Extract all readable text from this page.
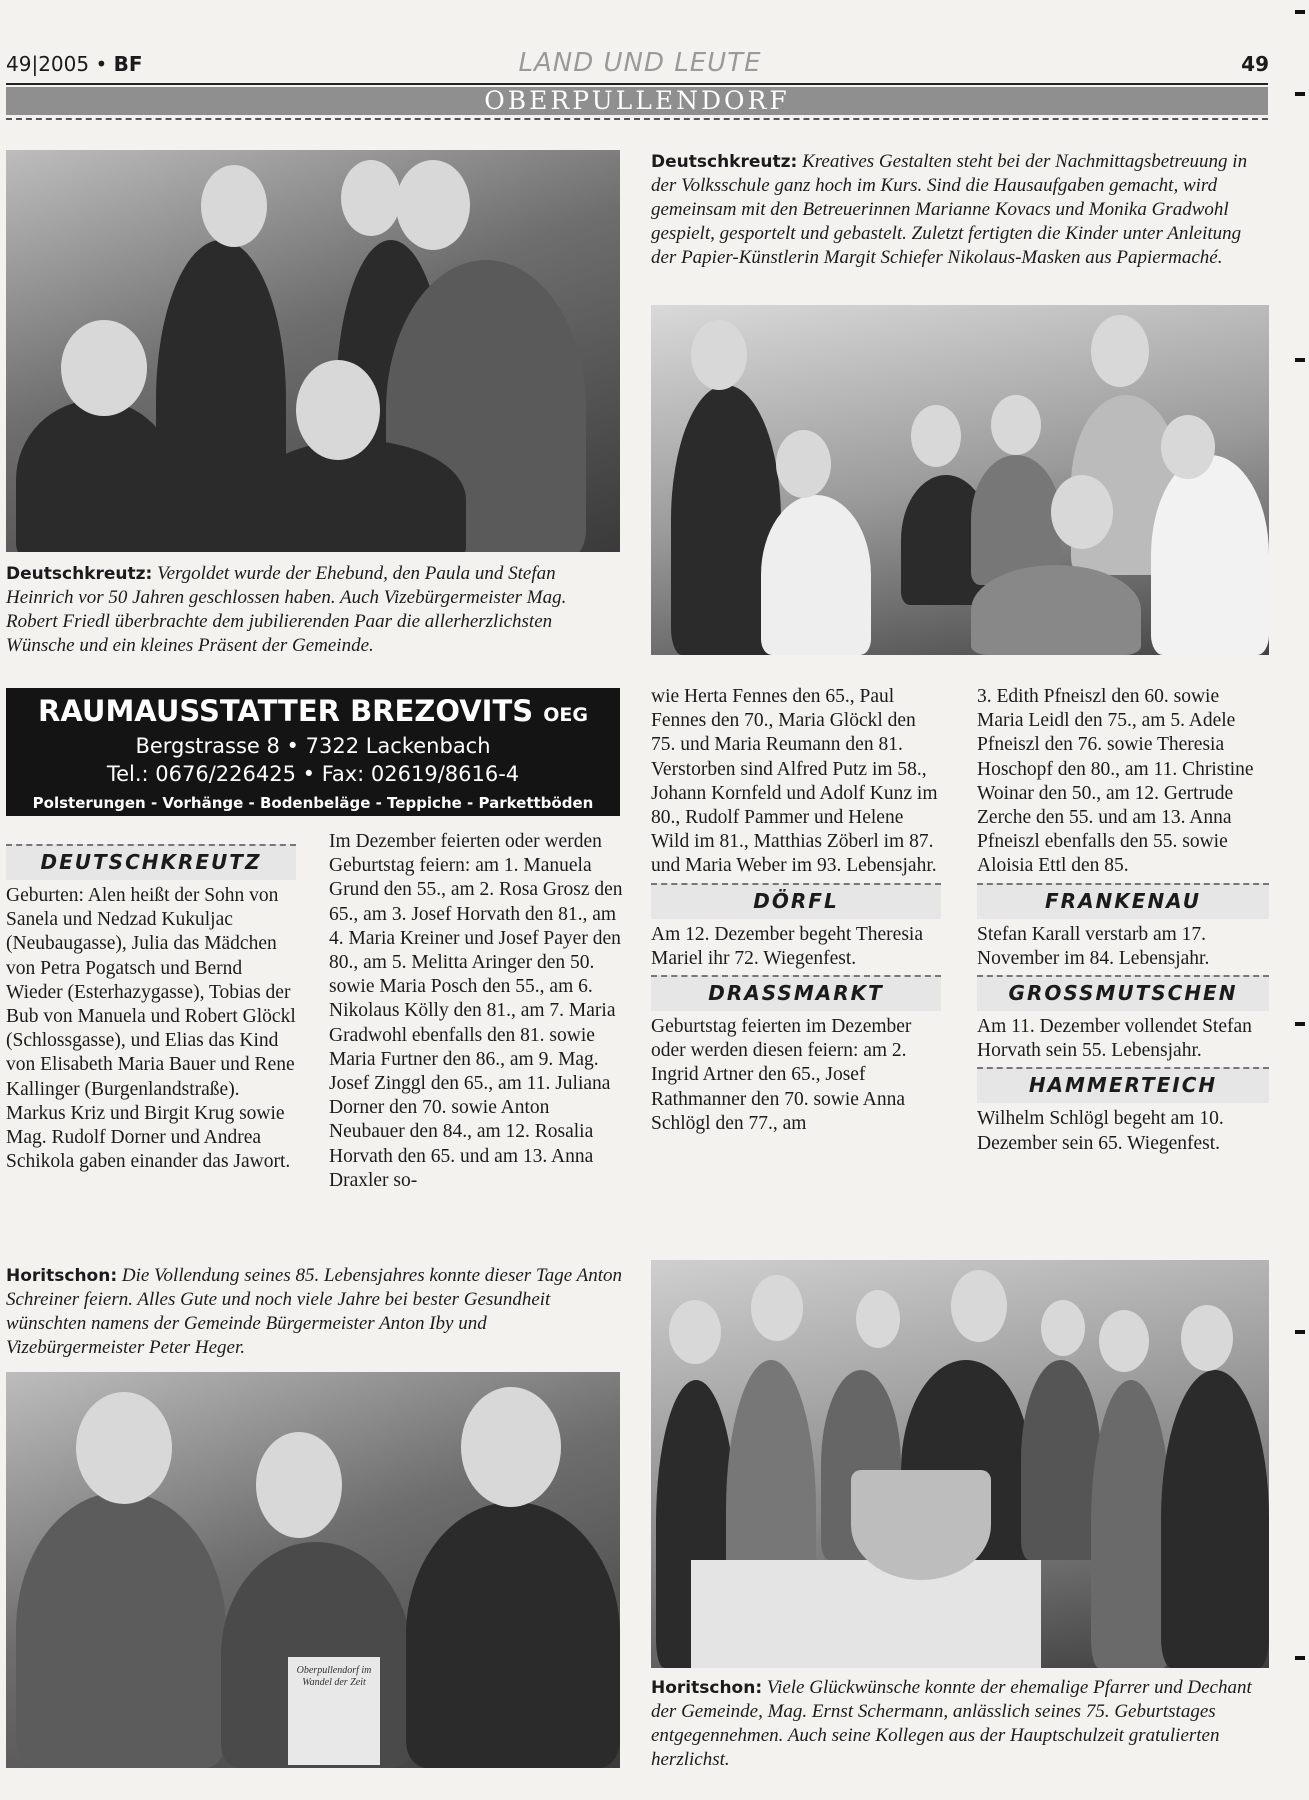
49|2005 • BF	LAND UND LEUTE	49
OBERPULLENDORF
Deutschkreutz: Vergoldet wurde der Ehebund, den Paula und Stefan Heinrich vor 50 Jahren geschlossen haben. Auch Vizebürgermeister Mag. Robert Friedl überbrachte dem jubilierenden Paar die allerherzlichsten Wünsche und ein kleines Präsent der Gemeinde.
Deutschkreutz: Kreatives Gestalten steht bei der Nachmittagsbetreuung in der Volksschule ganz hoch im Kurs. Sind die Hausaufgaben gemacht, wird gemeinsam mit den Betreuerinnen Marianne Kovacs und Monika Gradwohl gespielt, gesportelt und gebastelt. Zuletzt fertigten die Kinder unter Anleitung der Papier-Künstlerin Margit Schiefer Nikolaus-Masken aus Papiermaché.
RAUMAUSSTATTER BREZOVITS OEG
Bergstrasse 8 • 7322 Lackenbach
Tel.: 0676/226425 • Fax: 02619/8616-4
Polsterungen - Vorhänge - Bodenbeläge - Teppiche - Parkettböden
DEUTSCHKREUTZ

Geburten: Alen heißt der Sohn von Sanela und Nedzad Kukuljac (Neubaugasse), Julia das Mädchen von Petra Pogatsch und Bernd Wieder (Esterhazygasse), Tobias der Bub von Manuela und Robert Glöckl (Schlossgasse), und Elias das Kind von Elisabeth Maria Bauer und Rene Kallinger (Burgenlandstraße).

Markus Kriz und Birgit Krug sowie Mag. Rudolf Dorner und Andrea Schikola gaben einander das Jawort.

Im Dezember feierten oder werden Geburtstag feiern: am 1. Manuela Grund den 55., am 2. Rosa Grosz den 65., am 3. Josef Horvath den 81., am 4. Maria Kreiner und Josef Payer den 80., am 5. Melitta Aringer den 50. sowie Maria Posch den 55., am 6. Nikolaus Kölly den 81., am 7. Maria Gradwohl ebenfalls den 81. sowie Maria Furtner den 86., am 9. Mag. Josef Zinggl den 65., am 11. Juliana Dorner den 70. sowie Anton Neubauer den 84., am 12. Rosalia Horvath den 65. und am 13. Anna Draxler so-

wie Herta Fennes den 65., Paul Fennes den 70., Maria Glöckl den 75. und Maria Reumann den 81.

Verstorben sind Alfred Putz im 58., Johann Kornfeld und Adolf Kunz im 80., Rudolf Pammer und Helene Wild im 81., Matthias Zöberl im 87. und Maria Weber im 93. Lebensjahr.

DÖRFL

Am 12. Dezember begeht Theresia Mariel ihr 72. Wiegenfest.

DRASSMARKT

Geburtstag feierten im Dezember oder werden diesen feiern: am 2. Ingrid Artner den 65., Josef Rathmanner den 70. sowie Anna Schlögl den 77., am

3. Edith Pfneiszl den 60. sowie Maria Leidl den 75., am 5. Adele Pfneiszl den 76. sowie Theresia Hoschopf den 80., am 11. Christine Woinar den 50., am 12. Gertrude Zerche den 55. und am 13. Anna Pfneiszl ebenfalls den 55. sowie Aloisia Ettl den 85.

FRANKENAU

Stefan Karall verstarb am 17. November im 84. Lebensjahr.

GROSSMUTSCHEN

Am 11. Dezember vollendet Stefan Horvath sein 55. Lebensjahr.

HAMMERTEICH

Wilhelm Schlögl begeht am 10. Dezember sein 65. Wiegenfest.

Horitschon: Die Vollendung seines 85. Lebensjahres konnte dieser Tage Anton Schreiner feiern. Alles Gute und noch viele Jahre bei bester Gesundheit wünschten namens der Gemeinde Bürgermeister Anton Iby und Vizebürgermeister Peter Heger.
Oberpullendorf im Wandel der Zeit	Horitschon: Viele Glückwünsche konnte der ehemalige Pfarrer und Dechant der Gemeinde, Mag. Ernst Schermann, anlässlich seines 75. Geburtstages entgegennehmen. Auch seine Kollegen aus der Hauptschulzeit gratulierten herzlichst.
